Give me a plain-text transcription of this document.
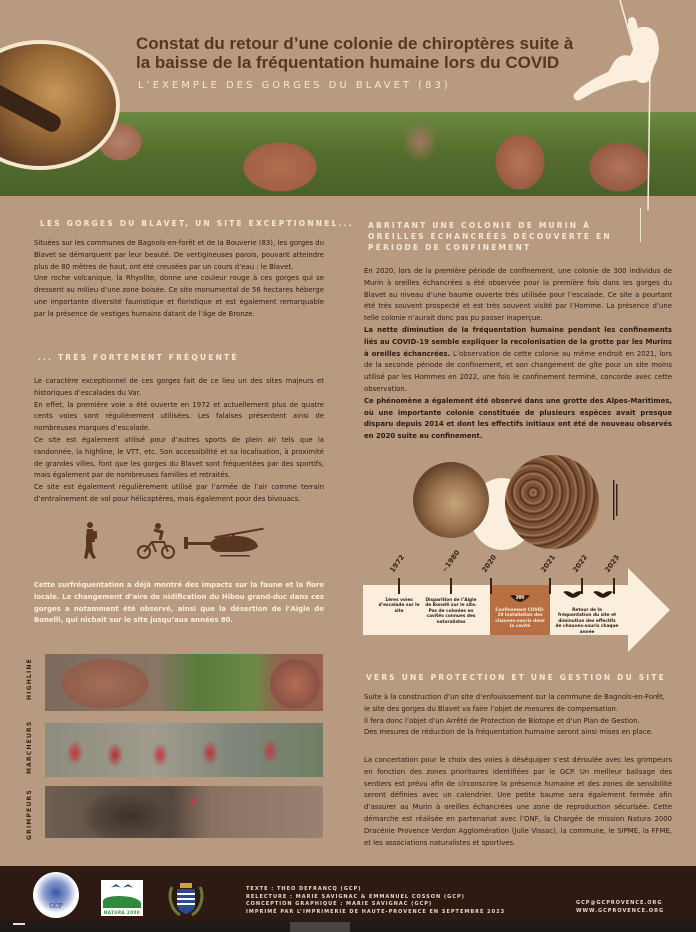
Constat du retour d’une colonie de chiroptères suite à
la baisse de la fréquentation humaine lors du COVID
L’EXEMPLE DES GORGES DU BLAVET (83)
LES GORGES DU BLAVET, UN SITE EXCEPTIONNEL...

Situées sur les communes de Bagnols-en-forêt et de la Bouverie (83), les gorges du Blavet se démarquent par leur beauté. De vertigineuses parois, pouvant atteindre plus de 80 mètres de haut, ont été creusées par un cours d’eau : le Blavet.

Une roche volcanique, la Rhyolite, donne une couleur rouge à ces gorges qui se dressent au milieu d’une zone boisée. Ce site monumental de 56 hectares héberge une importante diversité faunistique et floristique et est également remarquable par la présence de vestiges humains datant de l’âge de Bronze.

... TRÈS FORTEMENT FRÉQUENTÉ

Le caractère exceptionnel de ces gorges fait de ce lieu un des sites majeurs et historiques d’escalades du Var.

En effet, la première voie a été ouverte en 1972 et actuellement plus de quatre cents voies sont régulièrement utilisées. Les falaises présentent ainsi de nombreuses marques d’escalade.

Ce site est également utilisé pour d’autres sports de plein air tels que la randonnée, la highline, le VTT, etc. Son accessibilité et sa localisation, à proximité de grandes villes, font que les gorges du Blavet sont fréquentées par des sportifs, mais également par de nombreuses familles et retraités.

Ce site est également régulièrement utilisé par l’armée de l’air comme terrain d’entraînement de vol pour hélicoptères, mais également pour des bivouacs.

Cette surfréquentation a déjà montré des impacts sur la faune et la flore locale. Le changement d’aire de nidification du Hibou grand-duc dans ces gorges a notamment été observé, ainsi que la désertion de l’Aigle de Bonelli, qui nichait sur le site jusqu’aux années 80.
HIGHLINE
MARCHEURS
GRIMPEURS
ABRITANT UNE COLONIE DE MURIN À OREILLES ÉCHANCRÉES DÉCOUVERTE EN PÉRIODE DE CONFINEMENT

En 2020, lors de la première période de confinement, une colonie de 300 individus de Murin à oreilles échancrées a été observée pour la première fois dans les gorges du Blavet au niveau d’une baume ouverte très utilisée pour l’escalade. Ce site a pourtant été très souvent prospecté et est très souvent visité par l’Homme. La présence d’une telle colonie n’aurait donc pas pu passer inaperçue.

La nette diminution de la fréquentation humaine pendant les confinements liés au COVID-19 semble expliquer la recolonisation de la grotte par les Murins à oreilles échancrées. L’observation de cette colonie au même endroit en 2021, lors de la seconde période de confinement, et son changement de gîte pour un site moins utilisé par les Hommes en 2022, une fois le confinement terminé, concorde avec cette observation.

Ce phénomène a également été observé dans une grotte des Alpes-Maritimes, où une importante colonie constituée de plusieurs espèces avait presque disparu depuis 2014 et dont les effectifs initiaux ont été de nouveau observés en 2020 suite au confinement.

1972	~1980	2020	2021 2022 2023
1ères voies d’escalade sur le site
Disparition de l’Aigle de Bonelli sur le site. Pas de colonies en cavités connues des naturalistes
Confinement COVID-19 Installation des chauves-souris dans la cavité
Retour de la fréquentation du site et diminution des effectifs de chauves-souris chaque année
300
VERS UNE PROTECTION ET UNE GESTION DU SITE

Suite à la construction d’un site d’enfouissement sur la commune de Bagnols-en-Forêt, le site des gorges du Blavet va faire l’objet de mesures de compensation.

Il fera donc l’objet d’un Arrêté de Protection de Biotope et d’un Plan de Gestion.

Des mesures de réduction de la fréquentation humaine seront ainsi mises en place.

La concertation pour le choix des voies à déséquiper s’est déroulée avec les grimpeurs en fonction des zones prioritaires identifiées par le GCP. Un meilleur balisage des sentiers est prévu afin de circonscrire la présence humaine et des zones de sensibilité seront définies avec un calendrier. Une petite baume sera également fermée afin d’assurer au Murin à oreilles échancrées une zone de reproduction sécurisée. Cette démarche est réalisée en partenariat avec l’ONF, la Chargée de mission Natura 2000 Dracénie Provence Verdon Agglomération (Julie Vissac), la commune, le SIPME, la FFME, et les associations naturalistes et sportives.
GCP
NATURA 2000
TEXTE : THEO DEFRANCQ (GCP)
RELECTURE : MARIE SAVIGNAC & EMMANUEL COSSON (GCP)
CONCEPTION GRAPHIQUE : MARIE SAVIGNAC (GCP)
IMPRIMÉ PAR L’IMPRIMERIE DE HAUTE-PROVENCE EN SEPTEMBRE 2023
GCP@GCPROVENCE.ORG
WWW.GCPROVENCE.ORG
